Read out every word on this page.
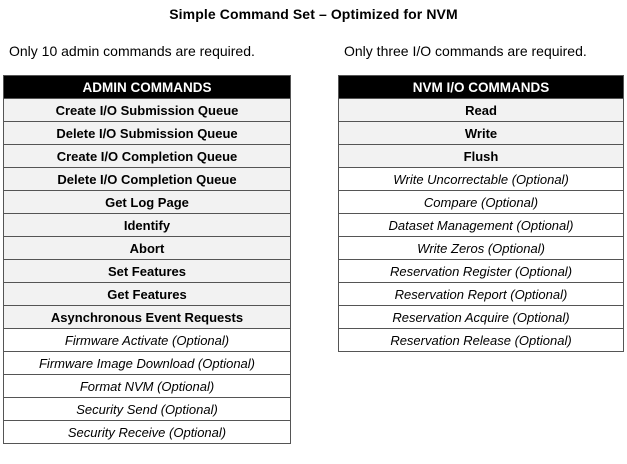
Simple Command Set – Optimized for NVM
Only 10 admin commands are required.	Only three I/O commands are required.
ADMIN COMMANDS
Create I/O Submission Queue
Delete I/O Submission Queue
Create I/O Completion Queue
Delete I/O Completion Queue
Get Log Page
Identify
Abort
Set Features
Get Features
Asynchronous Event Requests
Firmware Activate (Optional)
Firmware Image Download (Optional)
Format NVM (Optional)
Security Send (Optional)
Security Receive (Optional)
NVM I/O COMMANDS
Read
Write
Flush
Write Uncorrectable (Optional)
Compare (Optional)
Dataset Management (Optional)
Write Zeros (Optional)
Reservation Register (Optional)
Reservation Report (Optional)
Reservation Acquire (Optional)
Reservation Release (Optional)
